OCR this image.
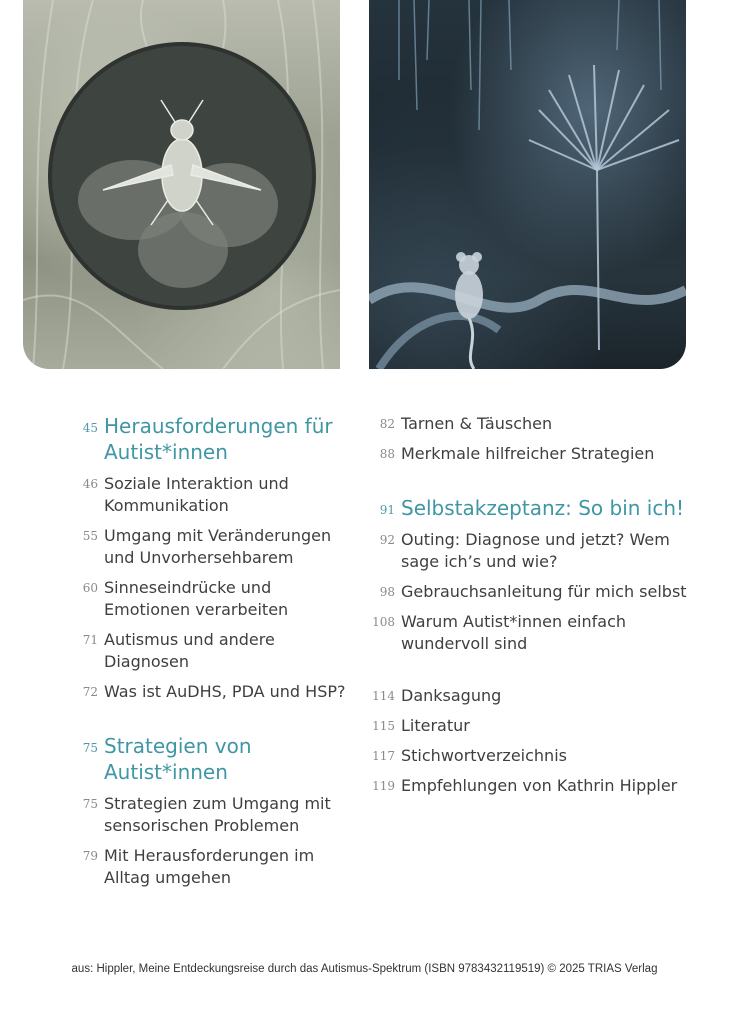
45 Herausforderungen für Autist*innen
46 Soziale Interaktion und Kommunikation
55 Umgang mit Veränderungen und Unvorhersehbarem
60 Sinneseindrücke und Emotionen verarbeiten
71 Autismus und andere Diagnosen
72 Was ist AuDHS, PDA und HSP?
75 Strategien von Autist*innen
75 Strategien zum Umgang mit sensorischen Problemen
79 Mit Herausforderungen im Alltag umgehen
82 Tarnen & Täuschen
88 Merkmale hilfreicher Strategien
91 Selbstakzeptanz: So bin ich!
92 Outing: Diagnose und jetzt? Wem sage ich’s und wie?
98 Gebrauchsanleitung für mich selbst
108 Warum Autist*innen einfach wundervoll sind
114 Danksagung
115 Literatur
117 Stichwortverzeichnis
119 Empfehlungen von Kathrin Hippler
aus: Hippler, Meine Entdeckungsreise durch das Autismus-Spektrum (ISBN 9783432119519) © 2025 TRIAS Verlag
